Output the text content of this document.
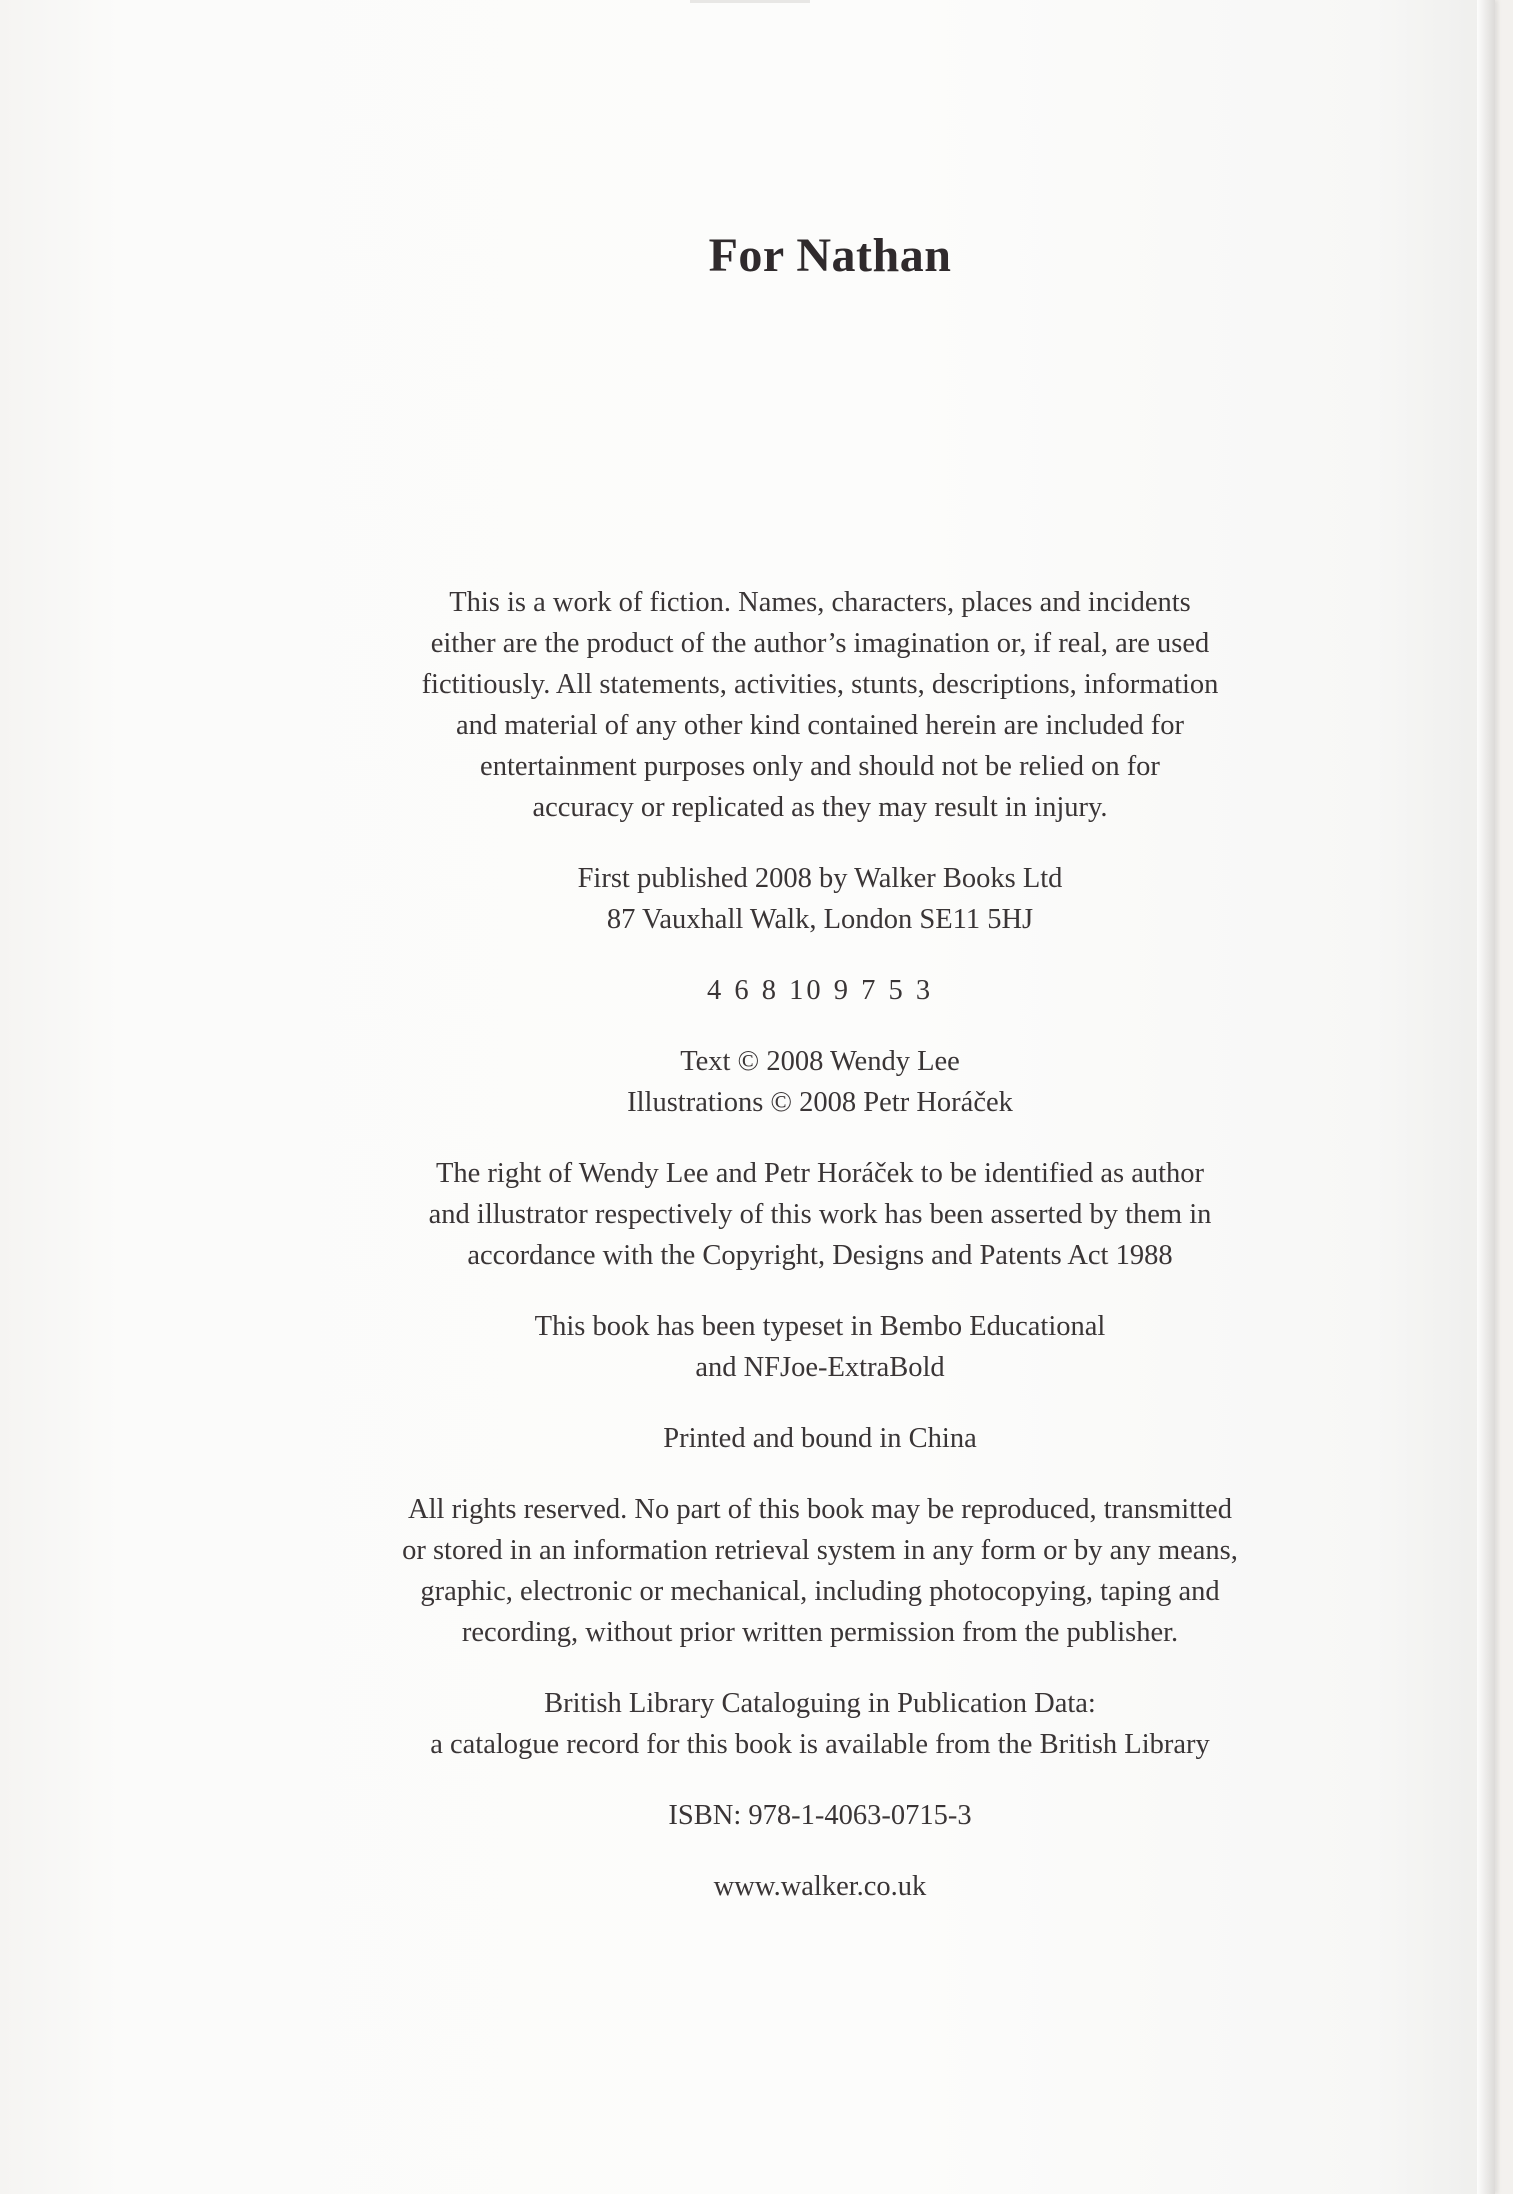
For Nathan
This is a work of fiction. Names, characters, places and incidents
either are the product of the author’s imagination or, if real, are used
fictitiously. All statements, activities, stunts, descriptions, information
and material of any other kind contained herein are included for
entertainment purposes only and should not be relied on for
accuracy or replicated as they may result in injury.
First published 2008 by Walker Books Ltd
87 Vauxhall Walk, London SE11 5HJ
4 6 8 10 9 7 5 3
Text © 2008 Wendy Lee
Illustrations © 2008 Petr Horáček
The right of Wendy Lee and Petr Horáček to be identified as author
and illustrator respectively of this work has been asserted by them in
accordance with the Copyright, Designs and Patents Act 1988
This book has been typeset in Bembo Educational
and NFJoe-ExtraBold
Printed and bound in China
All rights reserved. No part of this book may be reproduced, transmitted
or stored in an information retrieval system in any form or by any means,
graphic, electronic or mechanical, including photocopying, taping and
recording, without prior written permission from the publisher.
British Library Cataloguing in Publication Data:
a catalogue record for this book is available from the British Library
ISBN: 978-1-4063-0715-3
www.walker.co.uk
